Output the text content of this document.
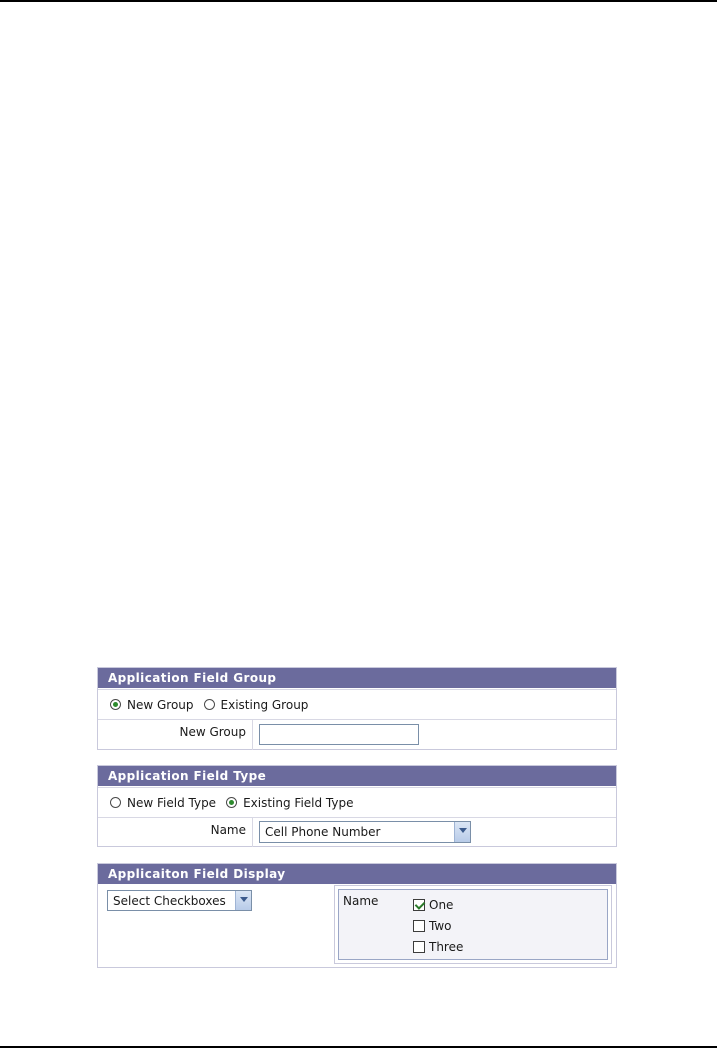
Application Field Group
New Group Existing Group
New Group
Application Field Type
New Field Type Existing Field Type
Name	Cell Phone Number
Applicaiton Field Display
Select Checkboxes	Name	One
Two
Three
